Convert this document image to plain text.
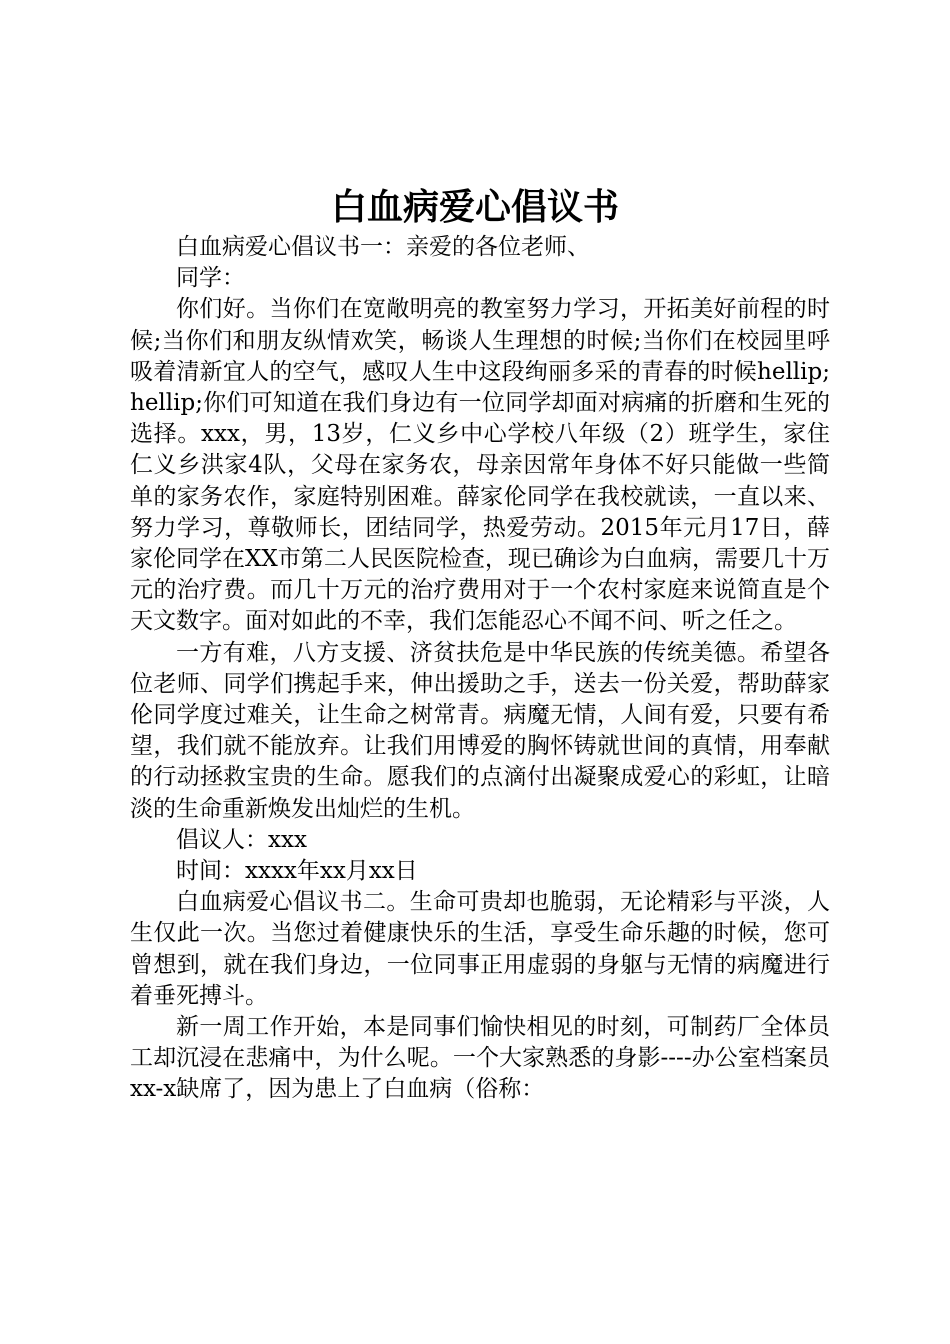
白血病爱心倡议书

白血病爱心倡议书一：亲爱的各位老师、

同学：

你们好。当你们在宽敞明亮的教室努力学习，开拓美好前程的时候;当你们和朋友纵情欢笑，畅谈人生理想的时候;当你们在校园里呼吸着清新宜人的空气，感叹人生中这段绚丽多采的青春的时候hellip;hellip;你们可知道在我们身边有一位同学却面对病痛的折磨和生死的选择。xxx，男，13岁，仁义乡中心学校八年级（2）班学生，家住仁义乡洪家4队，父母在家务农，母亲因常年身体不好只能做一些简单的家务农作，家庭特别困难。薛家伦同学在我校就读，一直以来、努力学习，尊敬师长，团结同学，热爱劳动。2015年元月17日，薛家伦同学在XX市第二人民医院检查，现已确诊为白血病，需要几十万元的治疗费。而几十万元的治疗费用对于一个农村家庭来说简直是个天文数字。面对如此的不幸，我们怎能忍心不闻不问、听之任之。

一方有难，八方支援、济贫扶危是中华民族的传统美德。希望各位老师、同学们携起手来，伸出援助之手，送去一份关爱，帮助薛家伦同学度过难关，让生命之树常青。病魔无情，人间有爱，只要有希望，我们就不能放弃。让我们用博爱的胸怀铸就世间的真情，用奉献的行动拯救宝贵的生命。愿我们的点滴付出凝聚成爱心的彩虹，让暗淡的生命重新焕发出灿烂的生机。

倡议人：xxx

时间：xxxx年xx月xx日

白血病爱心倡议书二。生命可贵却也脆弱，无论精彩与平淡，人生仅此一次。当您过着健康快乐的生活，享受生命乐趣的时候，您可曾想到，就在我们身边，一位同事正用虚弱的身躯与无情的病魔进行着垂死搏斗。

新一周工作开始，本是同事们愉快相见的时刻，可制药厂全体员工却沉浸在悲痛中，为什么呢。一个大家熟悉的身影----办公室档案员xx-x缺席了，因为患上了白血病（俗称：
